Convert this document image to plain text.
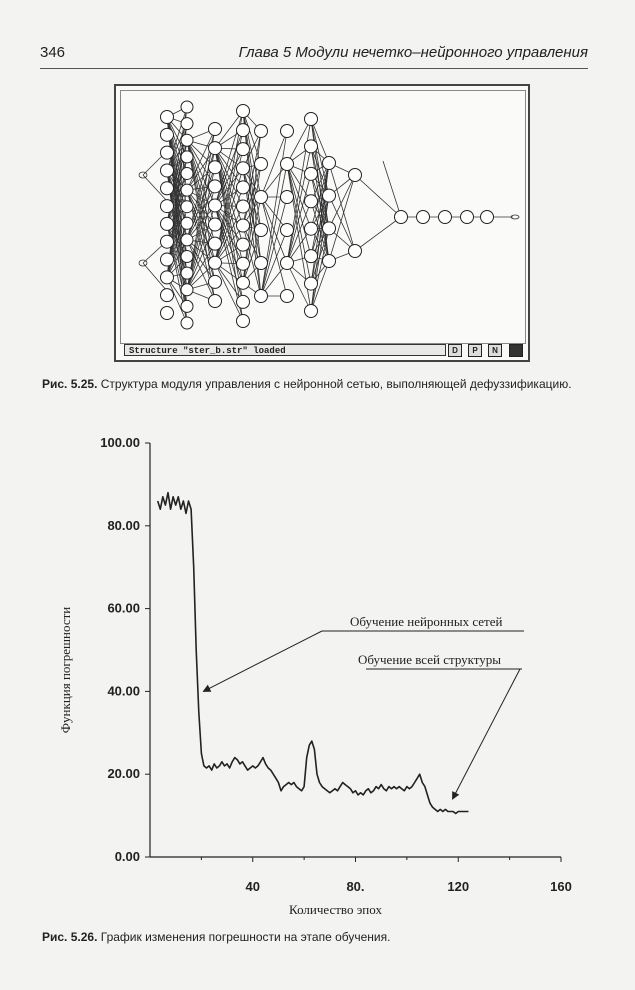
346	Глава 5 Модули нечетко–нейронного управления
Structure "ster_b.str" loaded	D	P	N
Рис. 5.25. Структура модуля управления с нейронной сетью, выполняющей дефуззификацию.
0.00
20.00
40.00
60.00
80.00
100.00
40	80.	120	160
Количество эпох
Функция погрешности	Обучение нейронных сетей
Обучение всей структуры
Рис. 5.26. График изменения погрешности на этапе обучения.
